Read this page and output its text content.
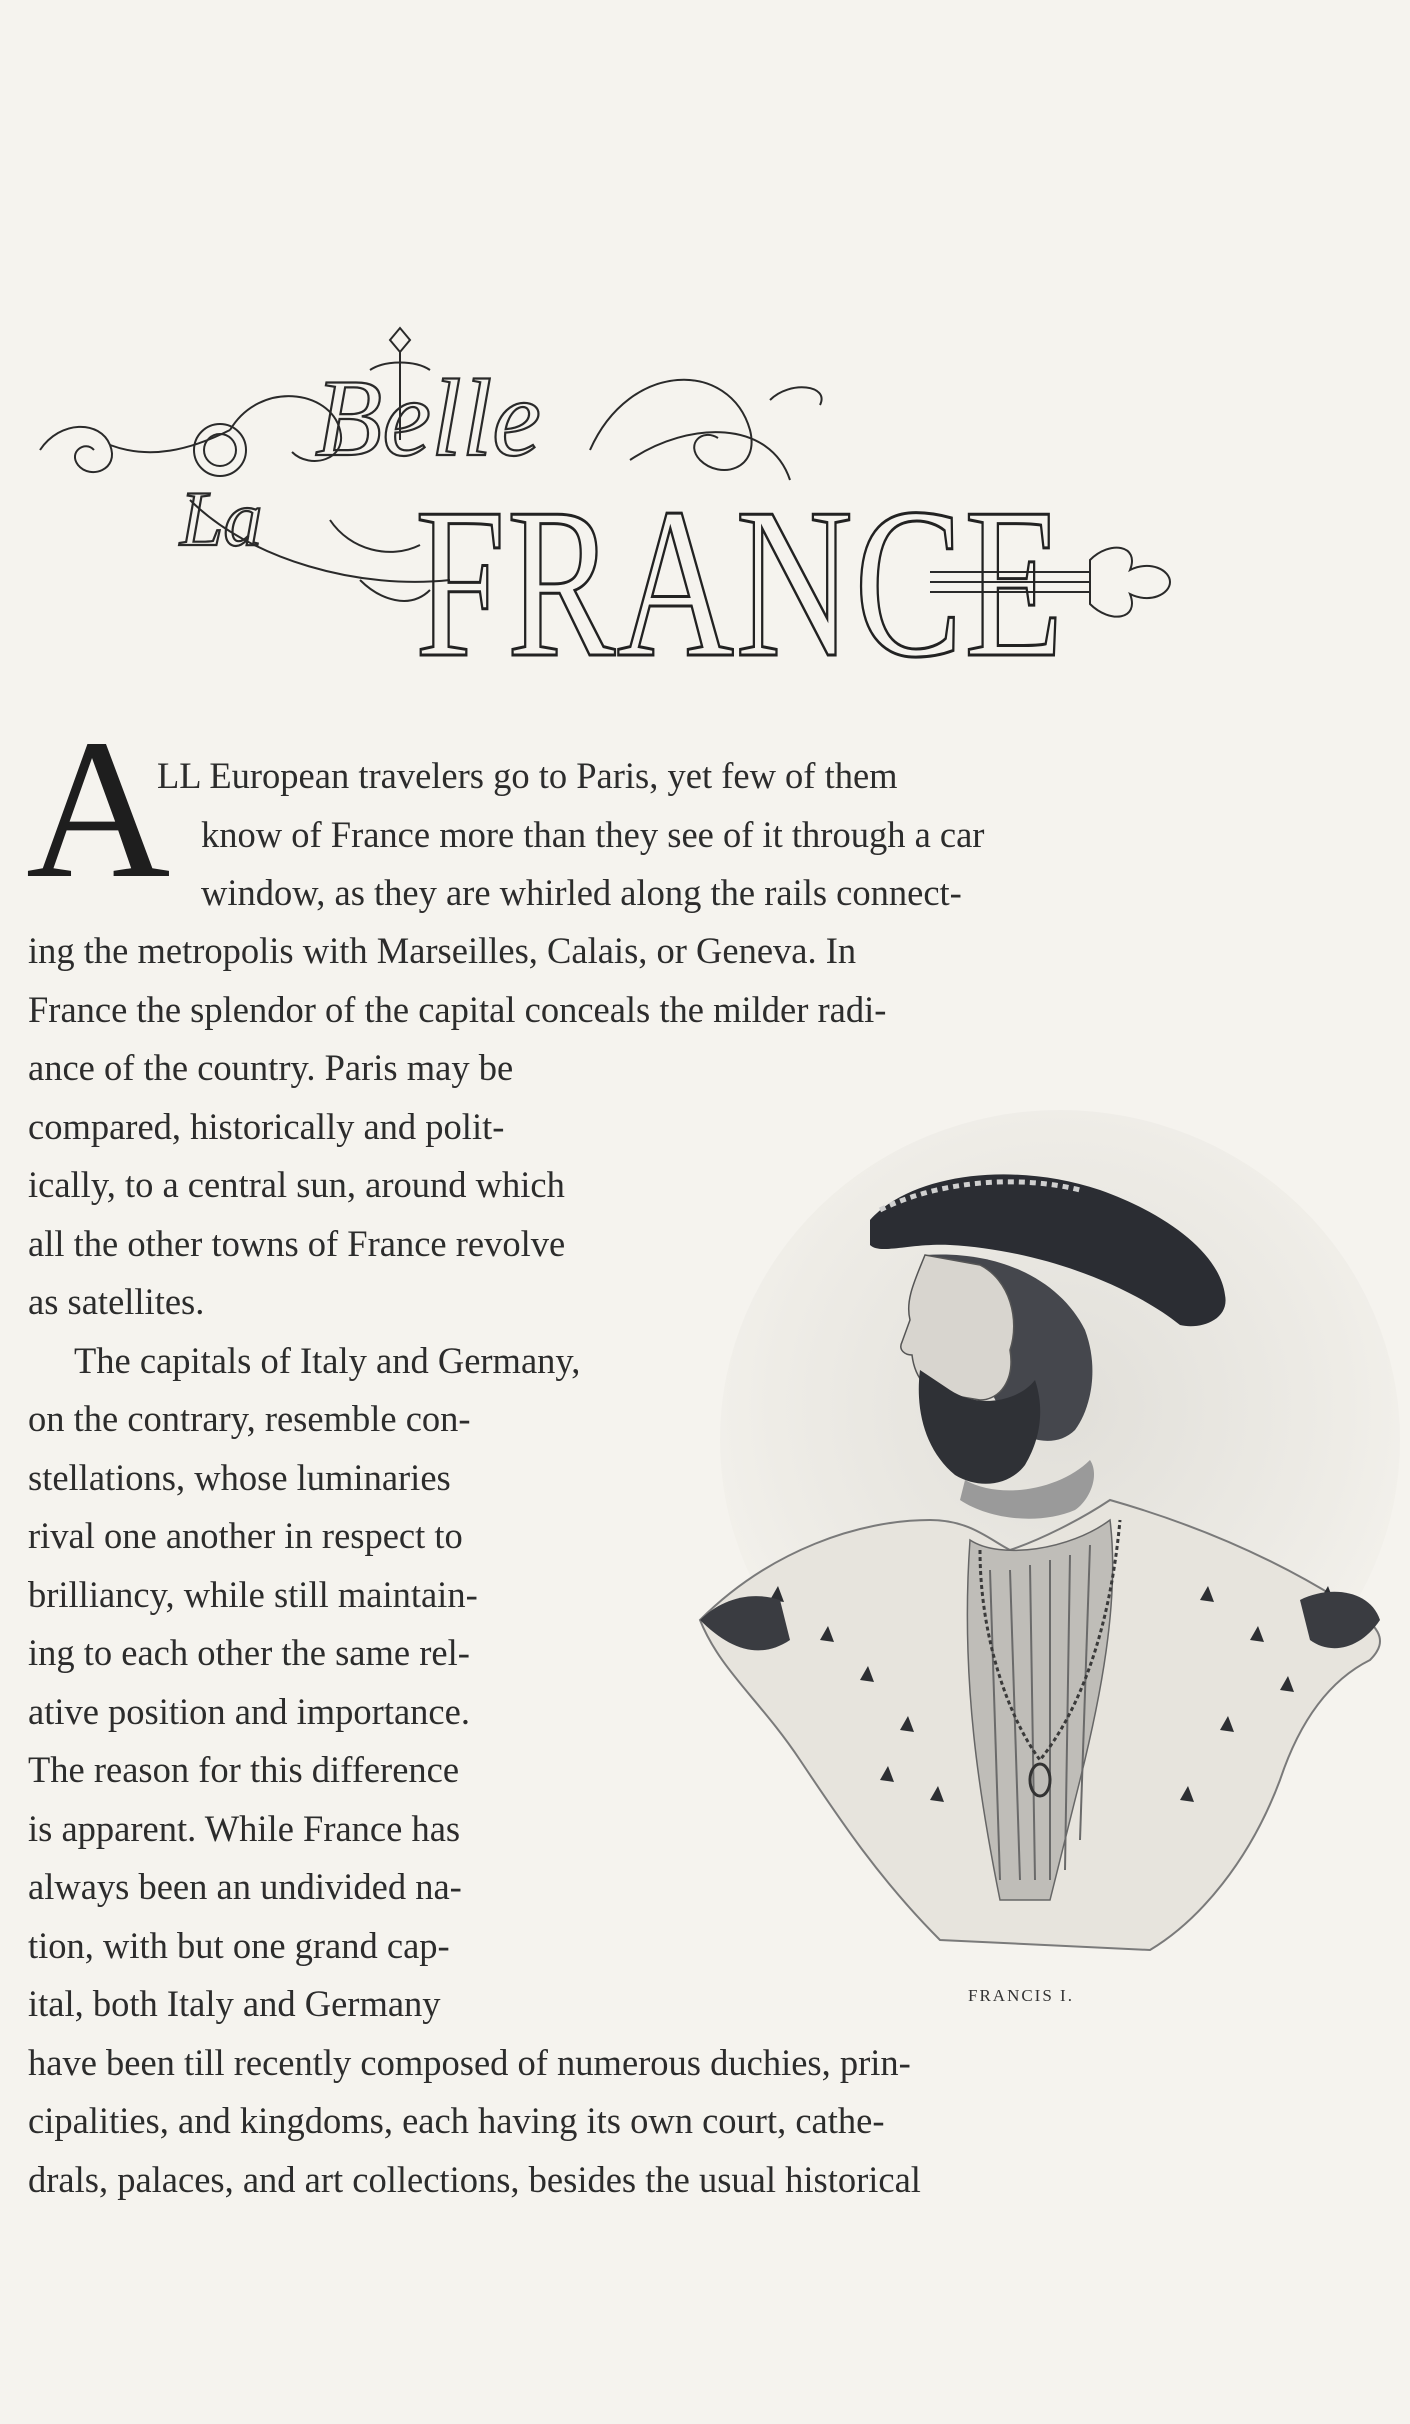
La
Belle
FRANCE
A
LL European travelers go to Paris, yet few of them
know of France more than they see of it through a car
window, as they are whirled along the rails connect-
ing the metropolis with Marseilles, Calais, or Geneva. In
France the splendor of the capital conceals the milder radi-
ance of the country. Paris may be
compared, historically and polit-
ically, to a central sun, around which
all the other towns of France revolve
as satellites.
The capitals of Italy and Germany,
on the contrary, resemble con-
stellations, whose luminaries
rival one another in respect to
brilliancy, while still maintain-
ing to each other the same rel-
ative position and importance.
The reason for this difference
is apparent. While France has
always been an undivided na-
tion, with but one grand cap-
ital, both Italy and Germany
have been till recently composed of numerous duchies, prin-
cipalities, and kingdoms, each having its own court, cathe-
drals, palaces, and art collections, besides the usual historical
FRANCIS I.
